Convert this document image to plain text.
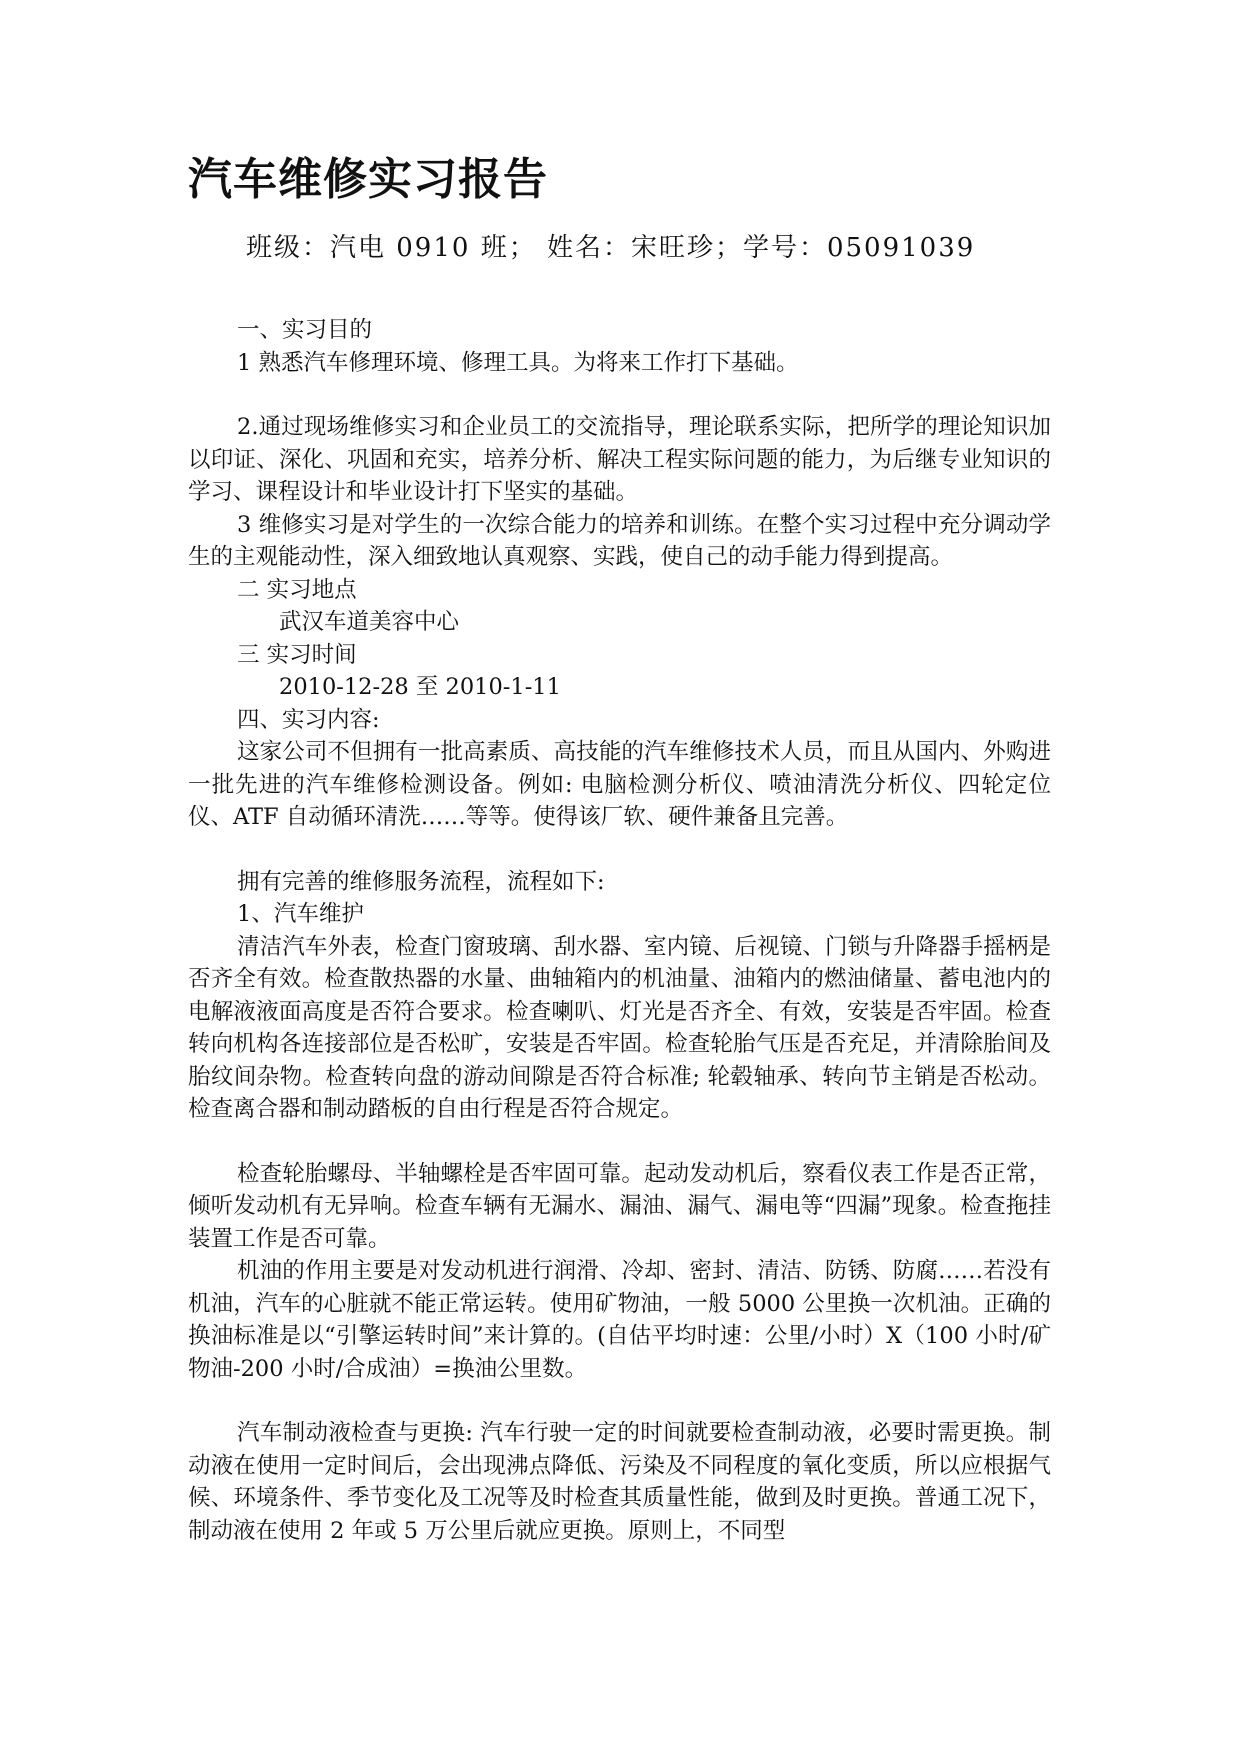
汽车维修实习报告
班级：汽电 0910 班； 姓名：宋旺珍；学号：05091039

一、实习目的

1 熟悉汽车修理环境、修理工具。为将来工作打下基础。

2.通过现场维修实习和企业员工的交流指导，理论联系实际，把所学的理论知识加以印证、深化、巩固和充实，培养分析、解决工程实际问题的能力，为后继专业知识的学习、课程设计和毕业设计打下坚实的基础。

3 维修实习是对学生的一次综合能力的培养和训练。在整个实习过程中充分调动学生的主观能动性，深入细致地认真观察、实践，使自己的动手能力得到提高。

二 实习地点

武汉车道美容中心

三 实习时间

2010-12-28 至 2010-1-11

四、实习内容:

这家公司不但拥有一批高素质、高技能的汽车维修技术人员，而且从国内、外购进一批先进的汽车维修检测设备。例如: 电脑检测分析仪、喷油清洗分析仪、四轮定位仪、ATF 自动循环清洗……等等。使得该厂软、硬件兼备且完善。

拥有完善的维修服务流程，流程如下:

1、汽车维护

清洁汽车外表，检查门窗玻璃、刮水器、室内镜、后视镜、门锁与升降器手摇柄是否齐全有效。检查散热器的水量、曲轴箱内的机油量、油箱内的燃油储量、蓄电池内的电解液液面高度是否符合要求。检查喇叭、灯光是否齐全、有效，安装是否牢固。检查转向机构各连接部位是否松旷，安装是否牢固。检查轮胎气压是否充足，并清除胎间及胎纹间杂物。检查转向盘的游动间隙是否符合标准; 轮毂轴承、转向节主销是否松动。检查离合器和制动踏板的自由行程是否符合规定。

检查轮胎螺母、半轴螺栓是否牢固可靠。起动发动机后，察看仪表工作是否正常，倾听发动机有无异响。检查车辆有无漏水、漏油、漏气、漏电等“四漏”现象。检查拖挂装置工作是否可靠。

机油的作用主要是对发动机进行润滑、冷却、密封、清洁、防锈、防腐……若没有机油，汽车的心脏就不能正常运转。使用矿物油，一般 5000 公里换一次机油。正确的换油标准是以“引擎运转时间”来计算的。(自估平均时速：公里/小时）X（100 小时/矿物油-200 小时/合成油）=换油公里数。

汽车制动液检查与更换: 汽车行驶一定的时间就要检查制动液，必要时需更换。制动液在使用一定时间后，会出现沸点降低、污染及不同程度的氧化变质，所以应根据气候、环境条件、季节变化及工况等及时检查其质量性能，做到及时更换。普通工况下，制动液在使用 2 年或 5 万公里后就应更换。原则上，不同型
